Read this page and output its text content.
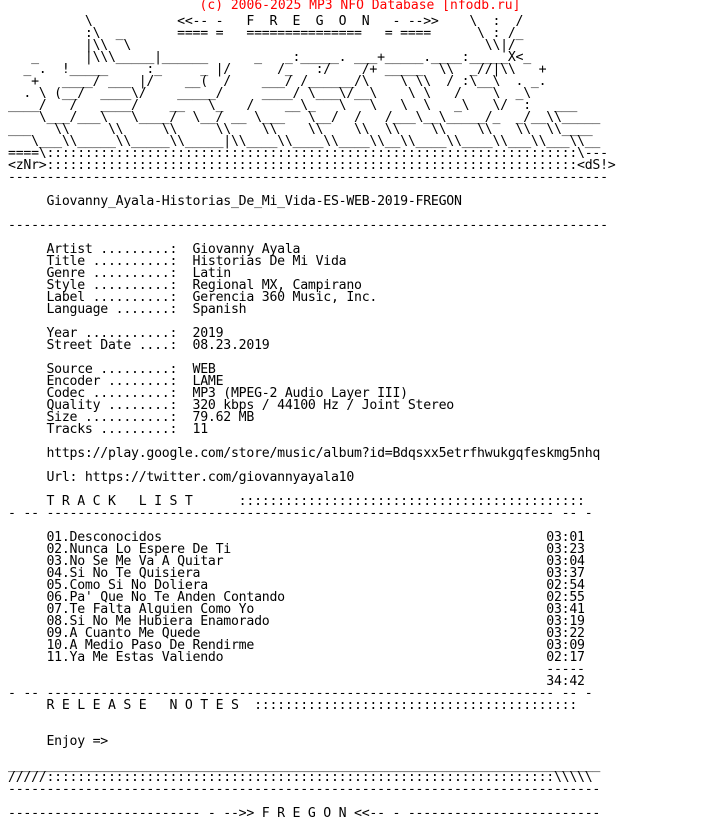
(c) 2006-2025 MP3 NFO Database [nfodb.ru]
\           <<-- -   F  R  E  G  O  N   - -->>    \  :  /
:\  _       ==== =   ===============   = ====      \ : /_
|\\  \                                              \\|/
_      |\\\_____|______      _   _:_____. ___+_____.____:_____X<_
_ .  !_____     :_     _ |/      /_   :/    /+ _____  \\  _//|\\   +
+   ____/ ___ |/    __(  /    ___/ /______/\    \ \\  / :\__\  . _.
. \ (__/  ____\/    _____/     ____/ \___\/__\    \ \   /    \  _\
____/   /   ____/    __   \_   /    __\_   \   \   \  \   _\   \/  :   ___
\___/___\   \____/  \__/ __ \___   \__/  /   /___\__\_____/_  _/__\\_____
___   \\     \\     \\     \\    \\    \\    \\  \\    \\    \\   \\  \\____
\___\\_____\\_____\\_____|\\____\\____\\____\\__\\____\\____\\___\\___\\__
====\:::::::::::::::::::::::::::::::::::::::::::::::::::::::::::::::::::::\---
<zNr>:::::::::::::::::::::::::::::::::::::::::::::::::::::::::::::::::::::<dS!>
------------------------------------------------------------------------------

Giovanny_Ayala-Historias_De_Mi_Vida-ES-WEB-2019-FREGON

------------------------------------------------------------------------------

Artist .........:  Giovanny Ayala
Title ..........:  Historias De Mi Vida
Genre ..........:  Latin
Style ..........:  Regional MX, Campirano
Label ..........:  Gerencia 360 Music, Inc.
Language .......:  Spanish

Year ...........:  2019
Street Date ....:  08.23.2019

Source .........:  WEB
Encoder ........:  LAME
Codec ..........:  MP3 (MPEG-2 Audio Layer III)
Quality ........:  320 kbps / 44100 Hz / Joint Stereo
Size ...........:  79.62 MB
Tracks .........:  11

https://play.google.com/store/music/album?id=Bdqsxx5etrfhwukgqfeskmg5nhq

Url: https://twitter.com/giovannyayala10

T R A C K   L I S T      :::::::::::::::::::::::::::::::::::::::::::::
- -- ------------------------------------------------------------------ -- -

01.Desconocidos                                                  03:01
02.Nunca Lo Espere De Ti                                         03:23
03.No Se Me Va A Quitar                                          03:04
04.Si No Te Quisiera                                             03:37
05.Como Si No Doliera                                            02:54
06.Pa' Que No Te Anden Contando                                  02:55
07.Te Falta Alguien Como Yo                                      03:41
08.Si No Me Hubiera Enamorado                                    03:19
09.A Cuanto Me Quede                                             03:22
10.A Medio Paso De Rendirme                                      03:09
11.Ya Me Estas Valiendo                                          02:17
-----
34:42
- -- ------------------------------------------------------------------ -- -
R E L E A S E   N O T E S  ::::::::::::::::::::::::::::::::::::::::::

Enjoy =>

_____________________________________________________________________________
/////::::::::::::::::::::::::::::::::::::::::::::::::::::::::::::::::::\\\\\
-----------------------------------------------------------------------------

------------------------- - -->> F R E G O N <<-- - -------------------------
